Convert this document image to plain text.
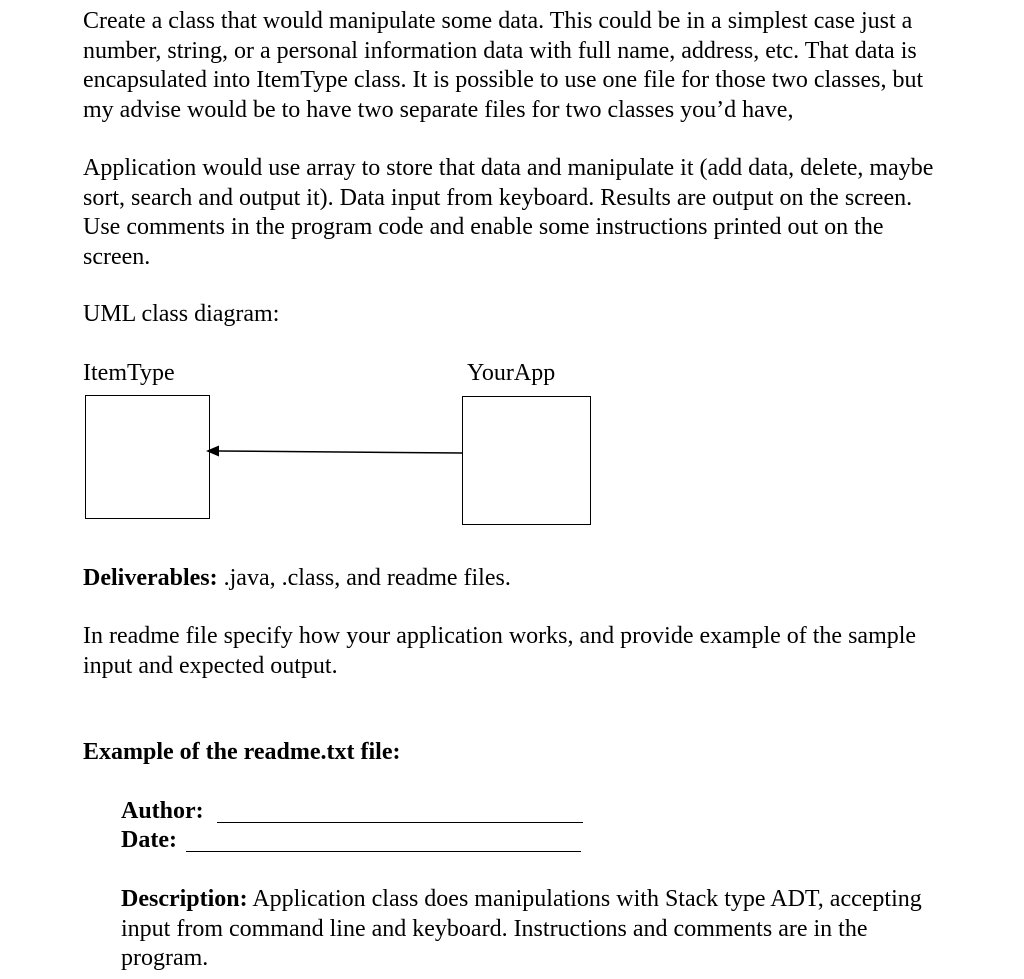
Create a class that would manipulate some data. This could be in a simplest case just a
number, string, or a personal information data with full name, address, etc. That data is
encapsulated into ItemType class. It is possible to use one file for those two classes, but
my advise would be to have two separate files for two classes you’d have,

Application would use array to store that data and manipulate it (add data, delete, maybe
sort, search and output it). Data input from keyboard. Results are output on the screen.
Use comments in the program code and enable some instructions printed out on the
screen.

UML class diagram:

ItemType	YourApp

Deliverables: .java, .class, and readme files.

In readme file specify how your application works, and provide example of the sample
input and expected output.

Example of the readme.txt file:

Author:

Date:

Description: Application class does manipulations with Stack type ADT, accepting
input from command line and keyboard. Instructions and comments are in the
program.
